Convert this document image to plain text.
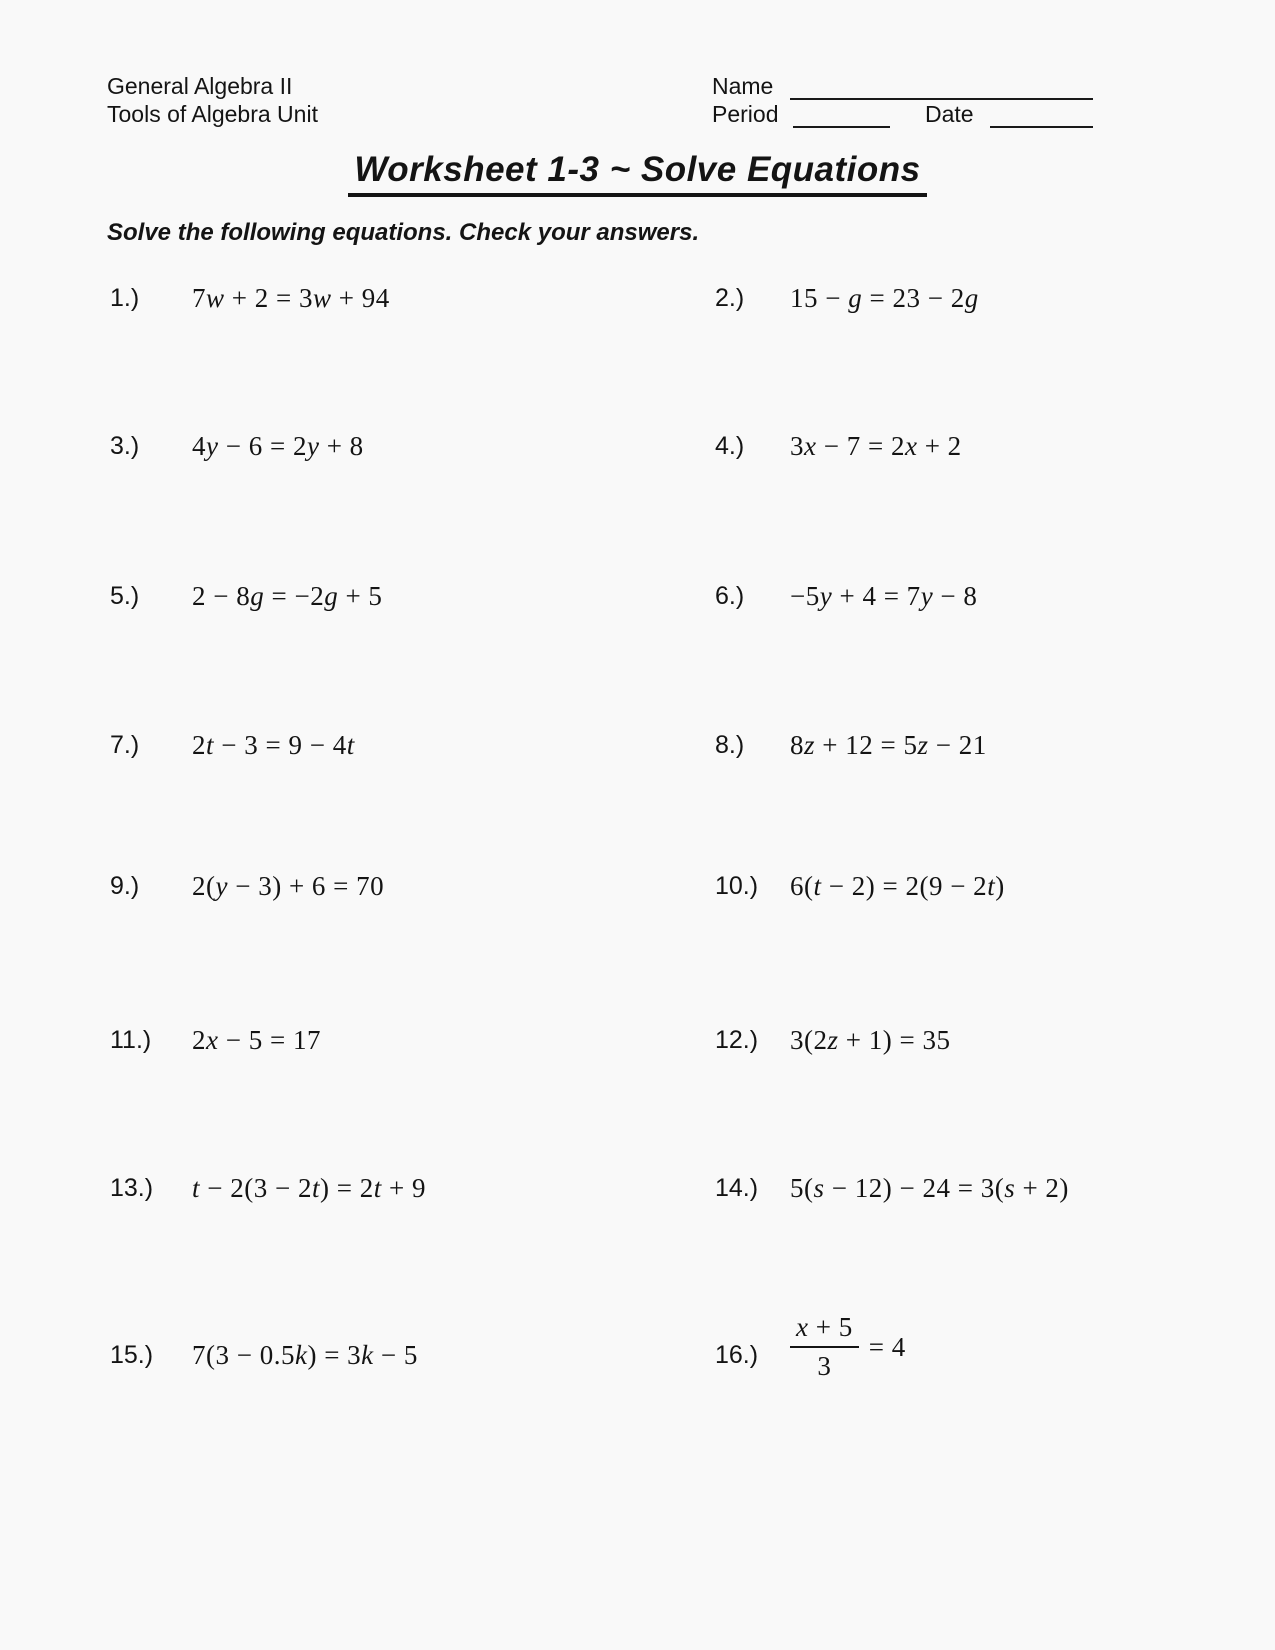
General Algebra II
Tools of Algebra Unit
Name
Period	Date
Worksheet 1-3 ~ Solve Equations
Solve the following equations. Check your answers.
1.) 7w + 2 = 3w + 94	2.) 15 − g = 23 − 2g
3.) 4y − 6 = 2y + 8	4.) 3x − 7 = 2x + 2
5.) 2 − 8g = −2g + 5	6.) −5y + 4 = 7y − 8
7.) 2t − 3 = 9 − 4t	8.) 8z + 12 = 5z − 21
9.) 2(y − 3) + 6 = 70	10.) 6(t − 2) = 2(9 − 2t)
11.) 2x − 5 = 17	12.) 3(2z + 1) = 35
13.) t − 2(3 − 2t) = 2t + 9	14.) 5(s − 12) − 24 = 3(s + 2)
15.) 7(3 − 0.5k) = 3k − 5	$16.) \frac{x + 5}{3} = 4$
